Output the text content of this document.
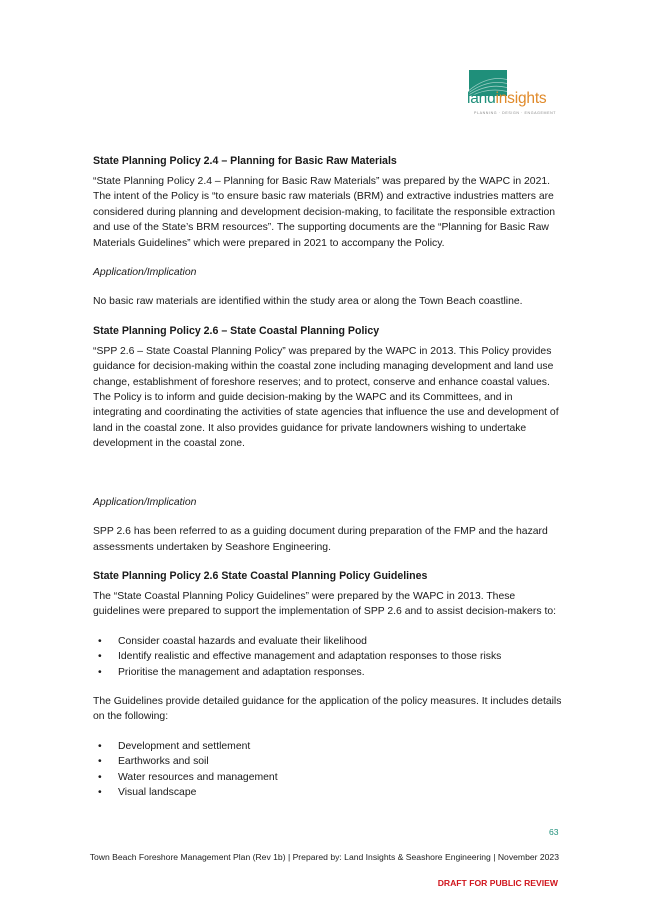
landinsights
PLANNING · DESIGN · ENGAGEMENT
State Planning Policy 2.4 – Planning for Basic Raw Materials

“State Planning Policy 2.4 – Planning for Basic Raw Materials” was prepared by the WAPC in 2021. The intent of the Policy is “to ensure basic raw materials (BRM) and extractive industries matters are considered during planning and development decision-making, to facilitate the responsible extraction and use of the State’s BRM resources”. The supporting documents are the “Planning for Basic Raw Materials Guidelines” which were prepared in 2021 to accompany the Policy.

Application/Implication

No basic raw materials are identified within the study area or along the Town Beach coastline.

State Planning Policy 2.6 – State Coastal Planning Policy

“SPP 2.6 – State Coastal Planning Policy” was prepared by the WAPC in 2013. This Policy provides guidance for decision-making within the coastal zone including managing development and land use change, establishment of foreshore reserves; and to protect, conserve and enhance coastal values. The Policy is to inform and guide decision-making by the WAPC and its Committees, and in integrating and coordinating the activities of state agencies that influence the use and development of land in the coastal zone. It also provides guidance for private landowners wishing to undertake development in the coastal zone.

Application/Implication

SPP 2.6 has been referred to as a guiding document during preparation of the FMP and the hazard assessments undertaken by Seashore Engineering.

State Planning Policy 2.6 State Coastal Planning Policy Guidelines

The “State Coastal Planning Policy Guidelines” were prepared by the WAPC in 2013. These guidelines were prepared to support the implementation of SPP 2.6 and to assist decision-makers to:

• Consider coastal hazards and evaluate their likelihood
• Identify realistic and effective management and adaptation responses to those risks
• Prioritise the management and adaptation responses.

The Guidelines provide detailed guidance for the application of the policy measures. It includes details on the following:

• Development and settlement
• Earthworks and soil
• Water resources and management
• Visual landscape
63
Town Beach Foreshore Management Plan (Rev 1b) | Prepared by: Land Insights & Seashore Engineering | November 2023
DRAFT FOR PUBLIC REVIEW
